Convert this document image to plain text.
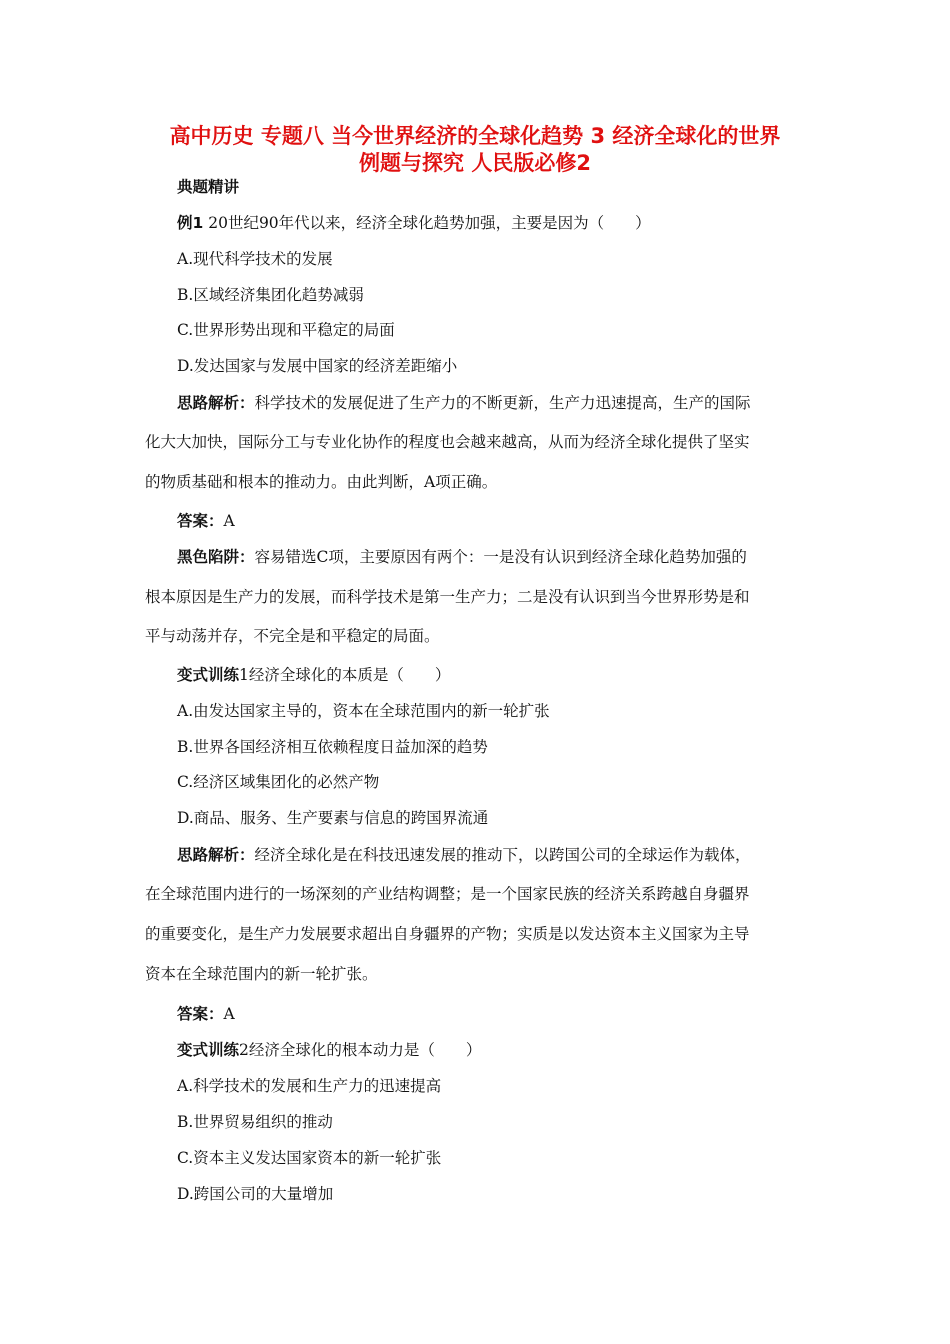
高中历史 专题八 当今世界经济的全球化趋势 3 经济全球化的世界
例题与探究 人民版必修2
典题精讲
例1 20世纪90年代以来，经济全球化趋势加强，主要是因为（　　）
A.现代科学技术的发展
B.区域经济集团化趋势减弱
C.世界形势出现和平稳定的局面
D.发达国家与发展中国家的经济差距缩小
思路解析：科学技术的发展促进了生产力的不断更新，生产力迅速提高，生产的国际
化大大加快，国际分工与专业化协作的程度也会越来越高，从而为经济全球化提供了坚实
的物质基础和根本的推动力。由此判断，A项正确。
答案：A
黑色陷阱：容易错选C项，主要原因有两个：一是没有认识到经济全球化趋势加强的
根本原因是生产力的发展，而科学技术是第一生产力；二是没有认识到当今世界形势是和
平与动荡并存，不完全是和平稳定的局面。
变式训练1经济全球化的本质是（　　）
A.由发达国家主导的，资本在全球范围内的新一轮扩张
B.世界各国经济相互依赖程度日益加深的趋势
C.经济区域集团化的必然产物
D.商品、服务、生产要素与信息的跨国界流通
思路解析：经济全球化是在科技迅速发展的推动下，以跨国公司的全球运作为载体，
在全球范围内进行的一场深刻的产业结构调整；是一个国家民族的经济关系跨越自身疆界
的重要变化，是生产力发展要求超出自身疆界的产物；实质是以发达资本主义国家为主导
资本在全球范围内的新一轮扩张。
答案：A
变式训练2经济全球化的根本动力是（　　）
A.科学技术的发展和生产力的迅速提高
B.世界贸易组织的推动
C.资本主义发达国家资本的新一轮扩张
D.跨国公司的大量增加
